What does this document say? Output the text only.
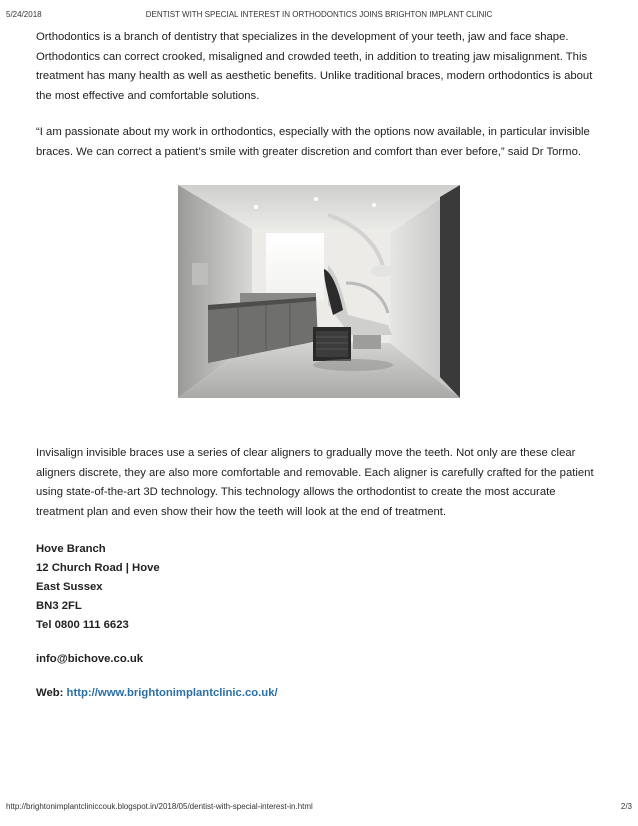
5/24/2018	DENTIST WITH SPECIAL INTEREST IN ORTHODONTICS JOINS BRIGHTON IMPLANT CLINIC

Orthodontics is a branch of dentistry that specializes in the development of your teeth, jaw and face shape. Orthodontics can correct crooked, misaligned and crowded teeth, in addition to treating jaw misalignment. This treatment has many health as well as aesthetic benefits. Unlike traditional braces, modern orthodontics is about the most effective and comfortable solutions.

“I am passionate about my work in orthodontics, especially with the options now available, in particular invisible braces. We can correct a patient’s smile with greater discretion and comfort than ever before,” said Dr Tormo.

Invisalign invisible braces use a series of clear aligners to gradually move the teeth. Not only are these clear aligners discrete, they are also more comfortable and removable. Each aligner is carefully crafted for the patient using state-of-the-art 3D technology. This technology allows the orthodontist to create the most accurate treatment plan and even show their how the teeth will look at the end of treatment.

Hove Branch
12 Church Road | Hove
East Sussex
BN3 2FL
Tel 0800 111 6623
info@bichove.co.uk
Web: http://www.brightonimplantclinic.co.uk/
http://brightonimplantcliniccouk.blogspot.in/2018/05/dentist-with-special-interest-in.html	2/3
